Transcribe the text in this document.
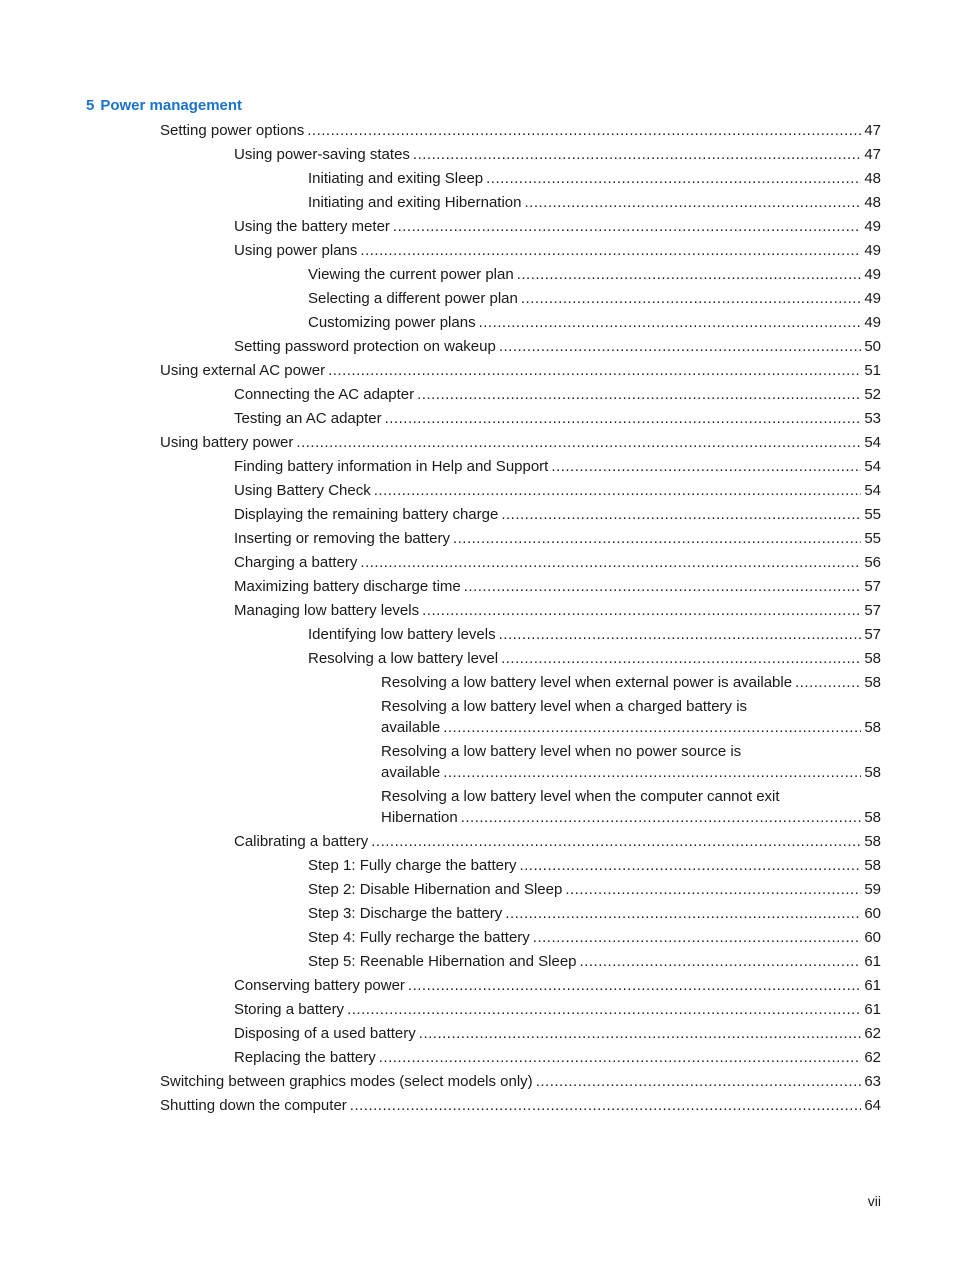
5 Power management
Setting power options .....	47
Using power-saving states .....	47
Initiating and exiting Sleep .....	48
Initiating and exiting Hibernation .....	48
Using the battery meter .....	49
Using power plans .....	49
Viewing the current power plan .....	49
Selecting a different power plan .....	49
Customizing power plans .....	49
Setting password protection on wakeup .....	50
Using external AC power .....	51
Connecting the AC adapter .....	52
Testing an AC adapter .....	53
Using battery power .....	54
Finding battery information in Help and Support .....	54
Using Battery Check .....	54
Displaying the remaining battery charge .....	55
Inserting or removing the battery .....	55
Charging a battery .....	56
Maximizing battery discharge time .....	57
Managing low battery levels .....	57
Identifying low battery levels .....	57
Resolving a low battery level .....	58
Resolving a low battery level when external power is available .....	58
Resolving a low battery level when a charged battery is
available .....	58
Resolving a low battery level when no power source is
available .....	58
Resolving a low battery level when the computer cannot exit
Hibernation .....	58
Calibrating a battery .....	58
Step 1: Fully charge the battery .....	58
Step 2: Disable Hibernation and Sleep .....	59
Step 3: Discharge the battery .....	60
Step 4: Fully recharge the battery .....	60
Step 5: Reenable Hibernation and Sleep .....	61
Conserving battery power .....	61
Storing a battery .....	61
Disposing of a used battery .....	62
Replacing the battery .....	62
Switching between graphics modes (select models only) .....	63
Shutting down the computer .....	64
vii
